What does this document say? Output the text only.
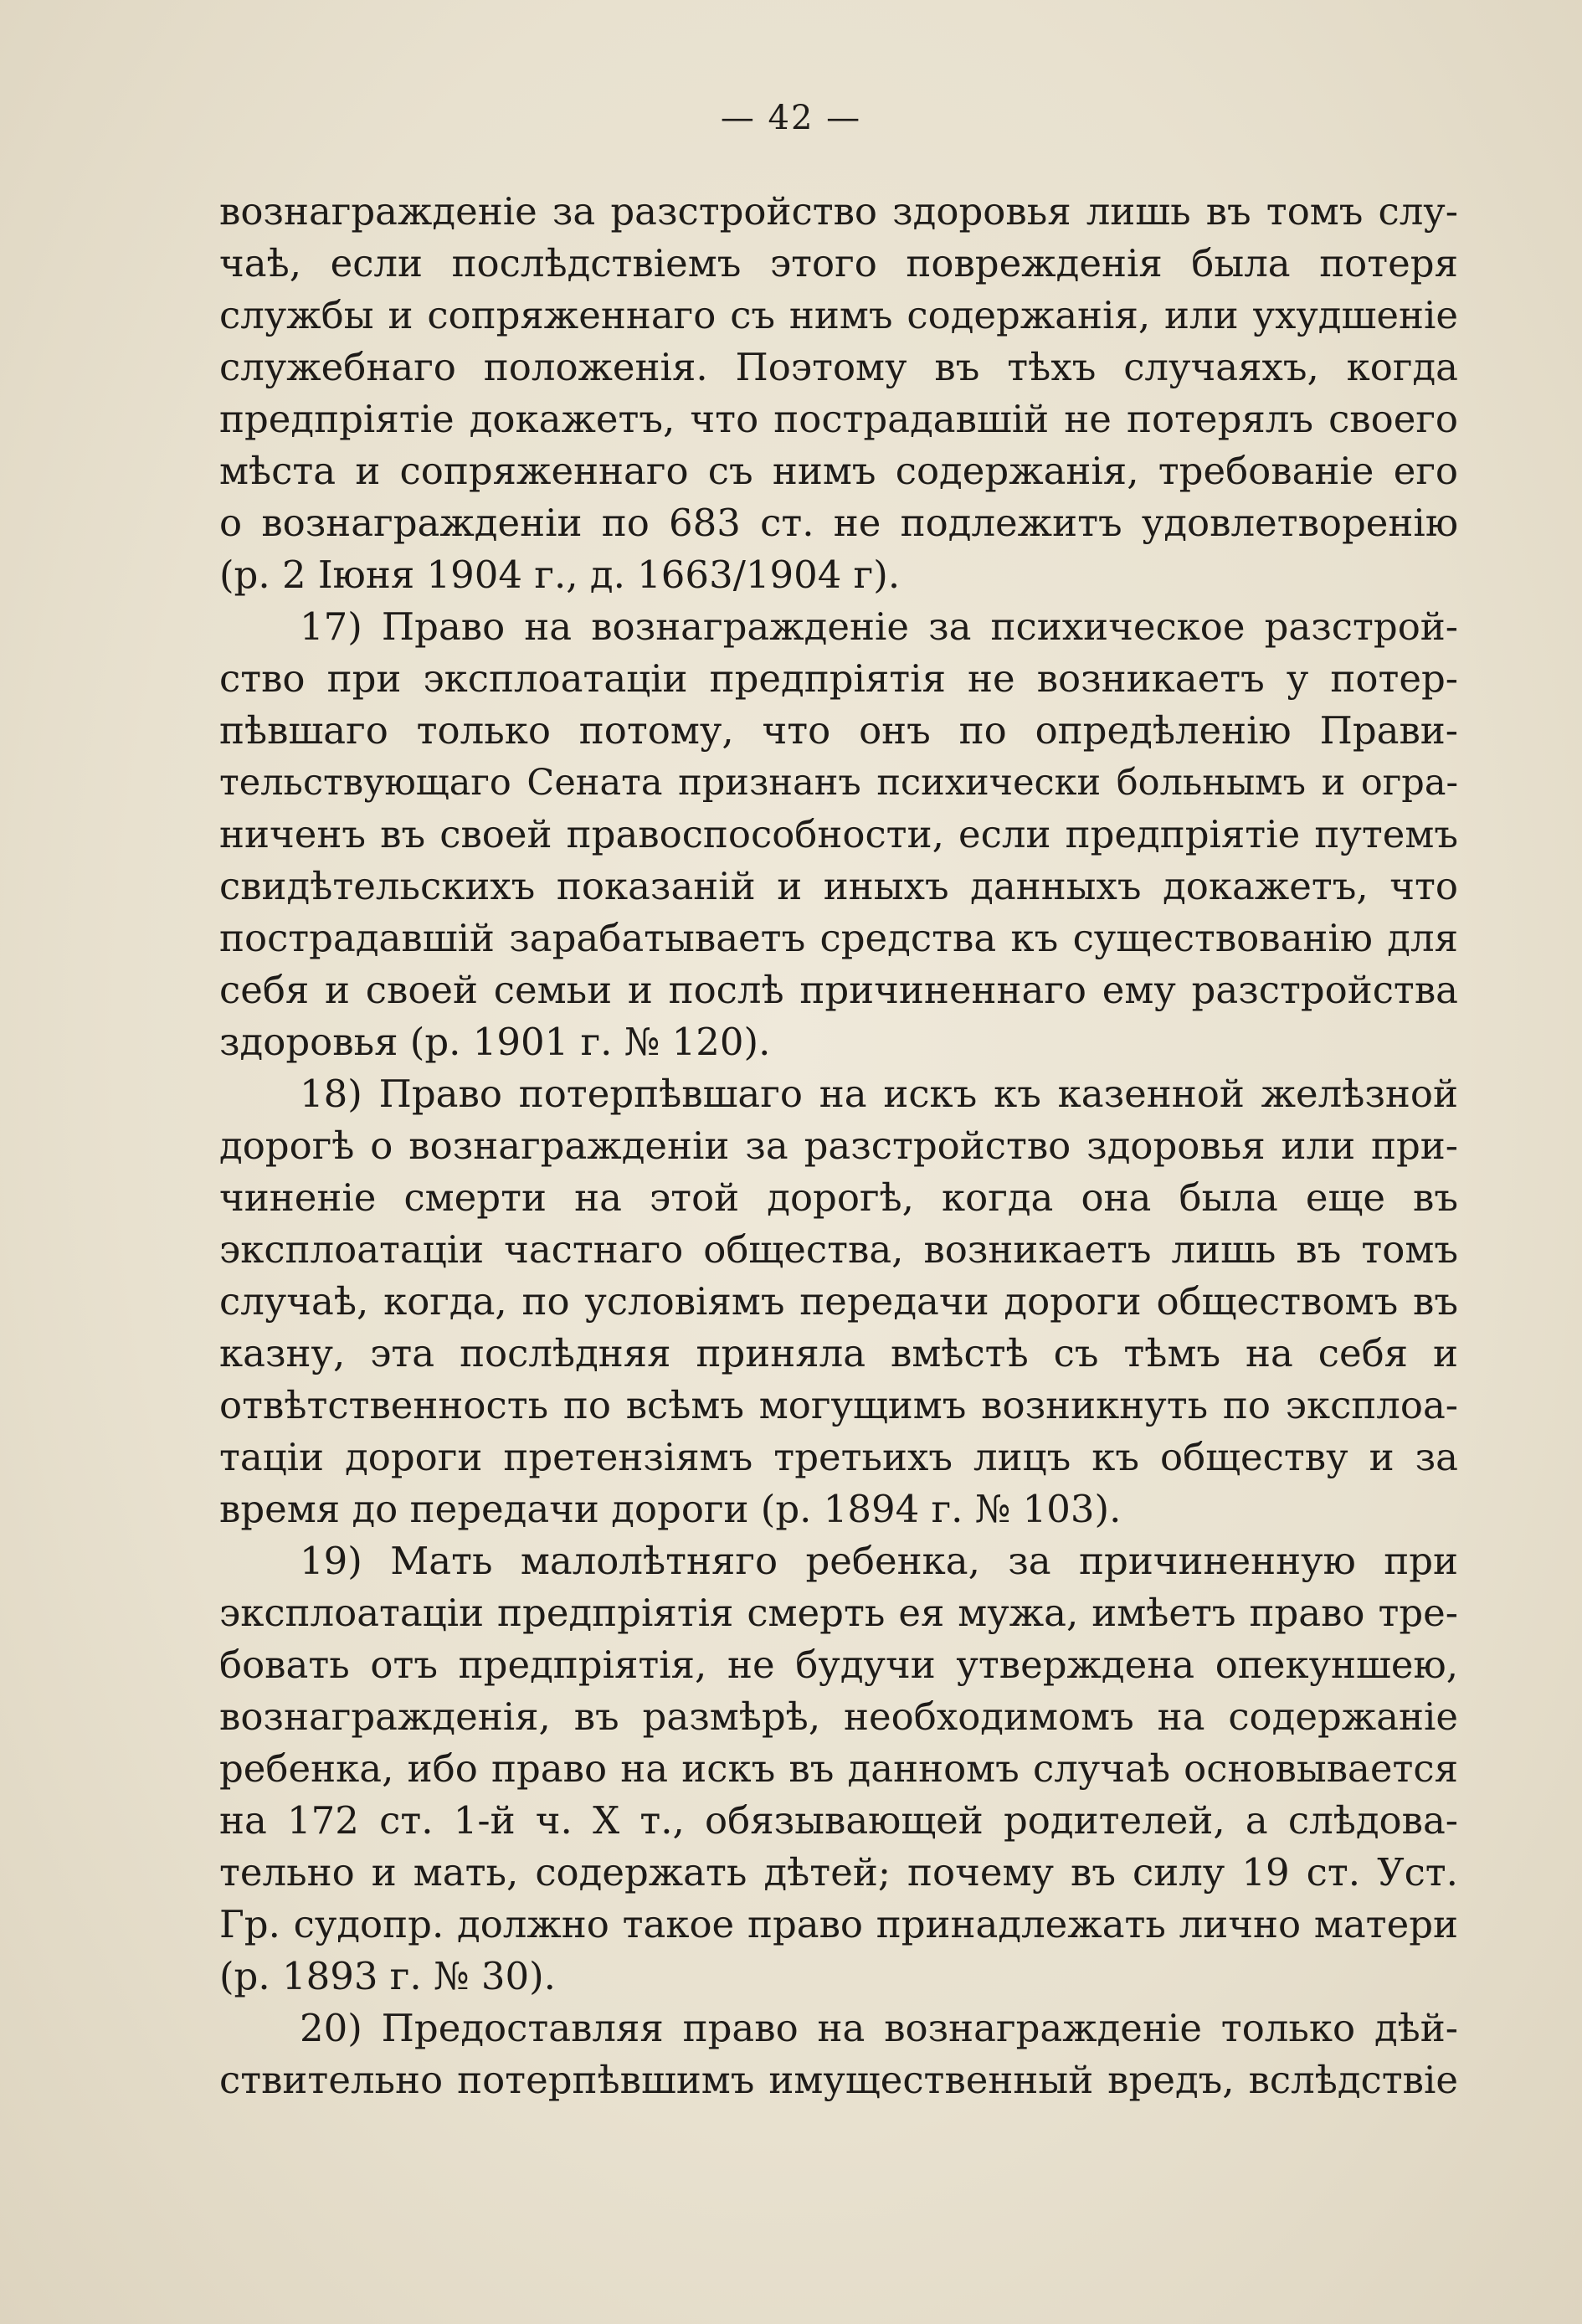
— 42 —
вознагражденіе за разстройство здоровья лишь въ томъ слу-
чаѣ, если послѣдствіемъ этого поврежденія была потеря
службы и сопряженнаго съ нимъ содержанія, или ухудшеніе
служебнаго положенія. Поэтому въ тѣхъ случаяхъ, когда
предпріятіе докажетъ, что пострадавшій не потерялъ своего
мѣста и сопряженнаго съ нимъ содержанія, требованіе его
о вознагражденіи по 683 ст. не подлежитъ удовлетворенію
(р. 2 Іюня 1904 г., д. 1663/1904 г).
17) Право на вознагражденіе за психическое разстрой-
ство при эксплоатаціи предпріятія не возникаетъ у потер-
пѣвшаго только потому, что онъ по опредѣленію Прави-
тельствующаго Сената признанъ психически больнымъ и огра-
ниченъ въ своей правоспособности, если предпріятіе путемъ
свидѣтельскихъ показаній и иныхъ данныхъ докажетъ, что
пострадавшій зарабатываетъ средства къ существованію для
себя и своей семьи и послѣ причиненнаго ему разстройства
здоровья (р. 1901 г. № 120).
18) Право потерпѣвшаго на искъ къ казенной желѣзной
дорогѣ о вознагражденіи за разстройство здоровья или при-
чиненіе смерти на этой дорогѣ, когда она была еще въ
эксплоатаціи частнаго общества, возникаетъ лишь въ томъ
случаѣ, когда, по условіямъ передачи дороги обществомъ въ
казну, эта послѣдняя приняла вмѣстѣ съ тѣмъ на себя и
отвѣтственность по всѣмъ могущимъ возникнуть по эксплоа-
таціи дороги претензіямъ третьихъ лицъ къ обществу и за
время до передачи дороги (р. 1894 г. № 103).
19) Мать малолѣтняго ребенка, за причиненную при
эксплоатаціи предпріятія смерть ея мужа, имѣетъ право тре-
бовать отъ предпріятія, не будучи утверждена опекуншею,
вознагражденія, въ размѣрѣ, необходимомъ на содержаніе
ребенка, ибо право на искъ въ данномъ случаѣ основывается
на 172 ст. 1-й ч. X т., обязывающей родителей, а слѣдова-
тельно и мать, содержать дѣтей; почему въ силу 19 ст. Уст.
Гр. судопр. должно такое право принадлежать лично матери
(р. 1893 г. № 30).
20) Предоставляя право на вознагражденіе только дѣй-
ствительно потерпѣвшимъ имущественный вредъ, вслѣдствіе
